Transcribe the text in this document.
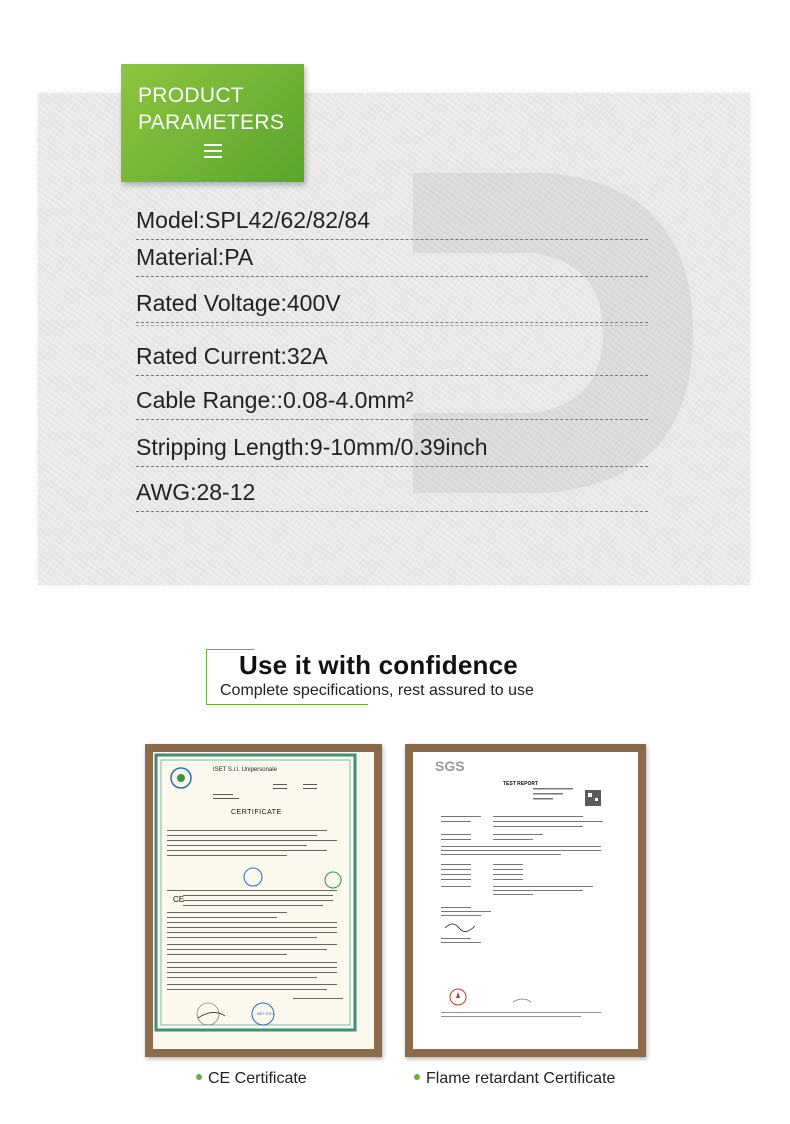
PRODUCT
PARAMETERS
Model:SPL42/62/82/84
Material:PA
Rated Voltage:400V
Rated Current:32A
Cable Range::0.08-4.0mm²
Stripping Length:9-10mm/0.39inch
AWG:28-12
Use it with confidence
Complete specifications, rest assured to use
CE
ISET S.r.l. Unipersonale
CERTIFICATE
ISET S.R.L.
SGS
TEST REPORT
CE Certificate	Flame retardant Certificate
